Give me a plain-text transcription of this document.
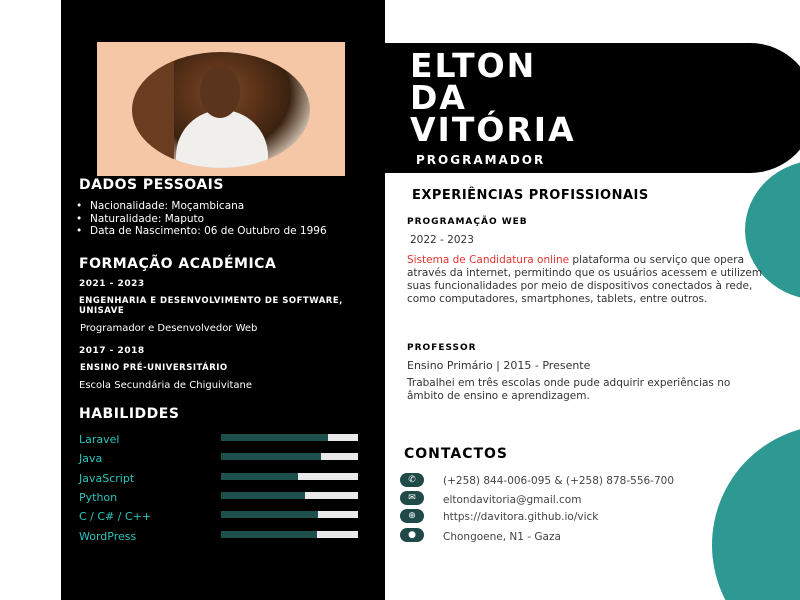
ELTON
DA
VITÓRIA
PROGRAMADOR
DADOS PESSOAIS
• Nacionalidade: Moçambicana
• Naturalidade: Maputo
• Data de Nascimento: 06 de Outubro de 1996
FORMAÇÃO ACADÉMICA
2021 - 2023
ENGENHARIA E DESENVOLVIMENTO DE SOFTWARE, UNISAVE
Programador e Desenvolvedor Web
2017 - 2018
ENSINO PRÉ-UNIVERSITÁRIO
Escola Secundária de Chiguivitane
HABILIDDES
Laravel
Java
JavaScript
Python
C / C# / C++
WordPress
EXPERIÊNCIAS PROFISSIONAIS
PROGRAMAÇÃO WEB
2022 - 2023
Sistema de Candidatura online plataforma ou serviço que opera através da internet, permitindo que os usuários acessem e utilizem suas funcionalidades por meio de dispositivos conectados à rede, como computadores, smartphones, tablets, entre outros.
PROFESSOR
Ensino Primário | 2015 - Presente
Trabalhei em três escolas onde pude adquirir experiências no âmbito de ensino e aprendizagem.
CONTACTOS
✆	(+258) 844-006-095 & (+258) 878-556-700
✉	eltondavitoria@gmail.com
⊕	https://davitora.github.io/vick
●	Chongoene, N1 - Gaza
